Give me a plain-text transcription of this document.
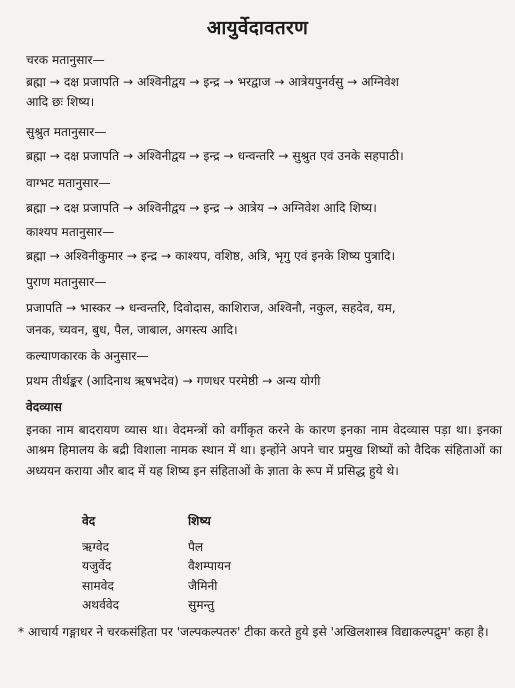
आयुर्वेदावतरण
चरक मतानुसार—
ब्रह्मा → दक्ष प्रजापति → अश्विनीद्वय → इन्द्र → भरद्वाज → आत्रेयपुनर्वसु → अग्निवेश
आदि छः शिष्य।
सुश्रुत मतानुसार—
ब्रह्मा → दक्ष प्रजापति → अश्विनीद्वय → इन्द्र → धन्वन्तरि → सुश्रुत एवं उनके सहपाठी।
वाग्भट मतानुसार—
ब्रह्मा → दक्ष प्रजापति → अश्विनीद्वय → इन्द्र → आत्रेय → अग्निवेश आदि शिष्य।
काश्यप मतानुसार—
ब्रह्मा → अश्विनीकुमार → इन्द्र → काश्यप, वशिष्ठ, अत्रि, भृगु एवं इनके शिष्य पुत्रादि।
पुराण मतानुसार—
प्रजापति → भास्कर → धन्वन्तरि, दिवोदास, काशिराज, अश्विनौ, नकुल, सहदेव, यम,
जनक, च्यवन, बुध, पैल, जाबाल, अगस्त्य आदि।
कल्याणकारक के अनुसार—
प्रथम तीर्थङ्कर (आदिनाथ ऋषभदेव) → गणधर परमेष्ठी → अन्य योगी
वेदव्यास
इनका नाम बादरायण व्यास था। वेदमन्त्रों को वर्गीकृत करने के कारण इनका नाम वेदव्यास पड़ा था। इनका आश्रम हिमालय के बद्री विशाला नामक स्थान में था। इन्होंने अपने चार प्रमुख शिष्यों को वैदिक संहिताओं का अध्ययन कराया और बाद में यह शिष्य इन संहिताओं के ज्ञाता के रूप में प्रसिद्ध हुये थे।
वेद	शिष्य
ऋग्वेद	पैल
यजुर्वेद	वैशम्पायन
सामवेद	जैमिनी
अथर्ववेद	सुमन्तु
* आचार्य गङ्गाधर ने चरकसंहिता पर 'जल्पकल्पतरु' टीका करते हुये इसे 'अखिलशास्त्र विद्याकल्पद्रुम' कहा है।
